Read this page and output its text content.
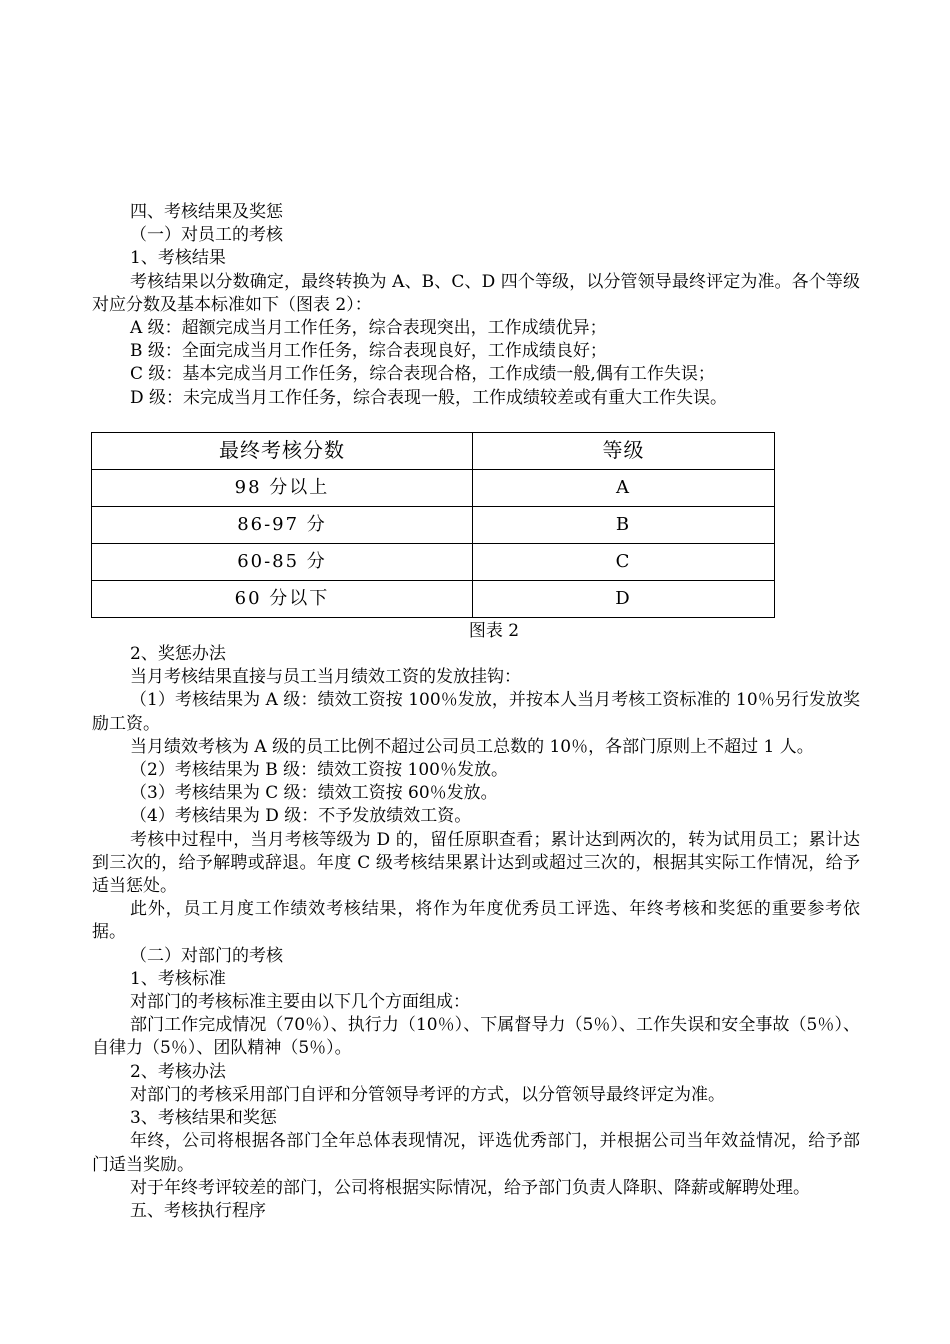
四、考核结果及奖惩

（一）对员工的考核

1、考核结果

考核结果以分数确定，最终转换为 A、B、C、D 四个等级，以分管领导最终评定为准。各个等级对应分数及基本标准如下（图表 2）：

A 级：超额完成当月工作任务，综合表现突出，工作成绩优异；

B 级：全面完成当月工作任务，综合表现良好，工作成绩良好；

C 级：基本完成当月工作任务，综合表现合格，工作成绩一般,偶有工作失误；

D 级：未完成当月工作任务，综合表现一般，工作成绩较差或有重大工作失误。

最终考核分数	等级
98 分以上	A
86-97 分	B
60-85 分	C
60 分以下	D

图表 2

2、奖惩办法

当月考核结果直接与员工当月绩效工资的发放挂钩：

（1）考核结果为 A 级：绩效工资按 100％发放，并按本人当月考核工资标准的 10％另行发放奖励工资。

当月绩效考核为 A 级的员工比例不超过公司员工总数的 10％，各部门原则上不超过 1 人。

（2）考核结果为 B 级：绩效工资按 100％发放。

（3）考核结果为 C 级：绩效工资按 60％发放。

（4）考核结果为 D 级：不予发放绩效工资。

考核中过程中，当月考核等级为 D 的，留任原职查看；累计达到两次的，转为试用员工；累计达到三次的，给予解聘或辞退。年度 C 级考核结果累计达到或超过三次的，根据其实际工作情况，给予适当惩处。

此外，员工月度工作绩效考核结果，将作为年度优秀员工评选、年终考核和奖惩的重要参考依据。

（二）对部门的考核

1、考核标准

对部门的考核标准主要由以下几个方面组成：

部门工作完成情况（70％）、执行力（10％）、下属督导力（5％）、工作失误和安全事故（5％）、自律力（5％）、团队精神（5％）。

2、考核办法

对部门的考核采用部门自评和分管领导考评的方式，以分管领导最终评定为准。

3、考核结果和奖惩

年终，公司将根据各部门全年总体表现情况，评选优秀部门，并根据公司当年效益情况，给予部门适当奖励。

对于年终考评较差的部门，公司将根据实际情况，给予部门负责人降职、降薪或解聘处理。

五、考核执行程序
